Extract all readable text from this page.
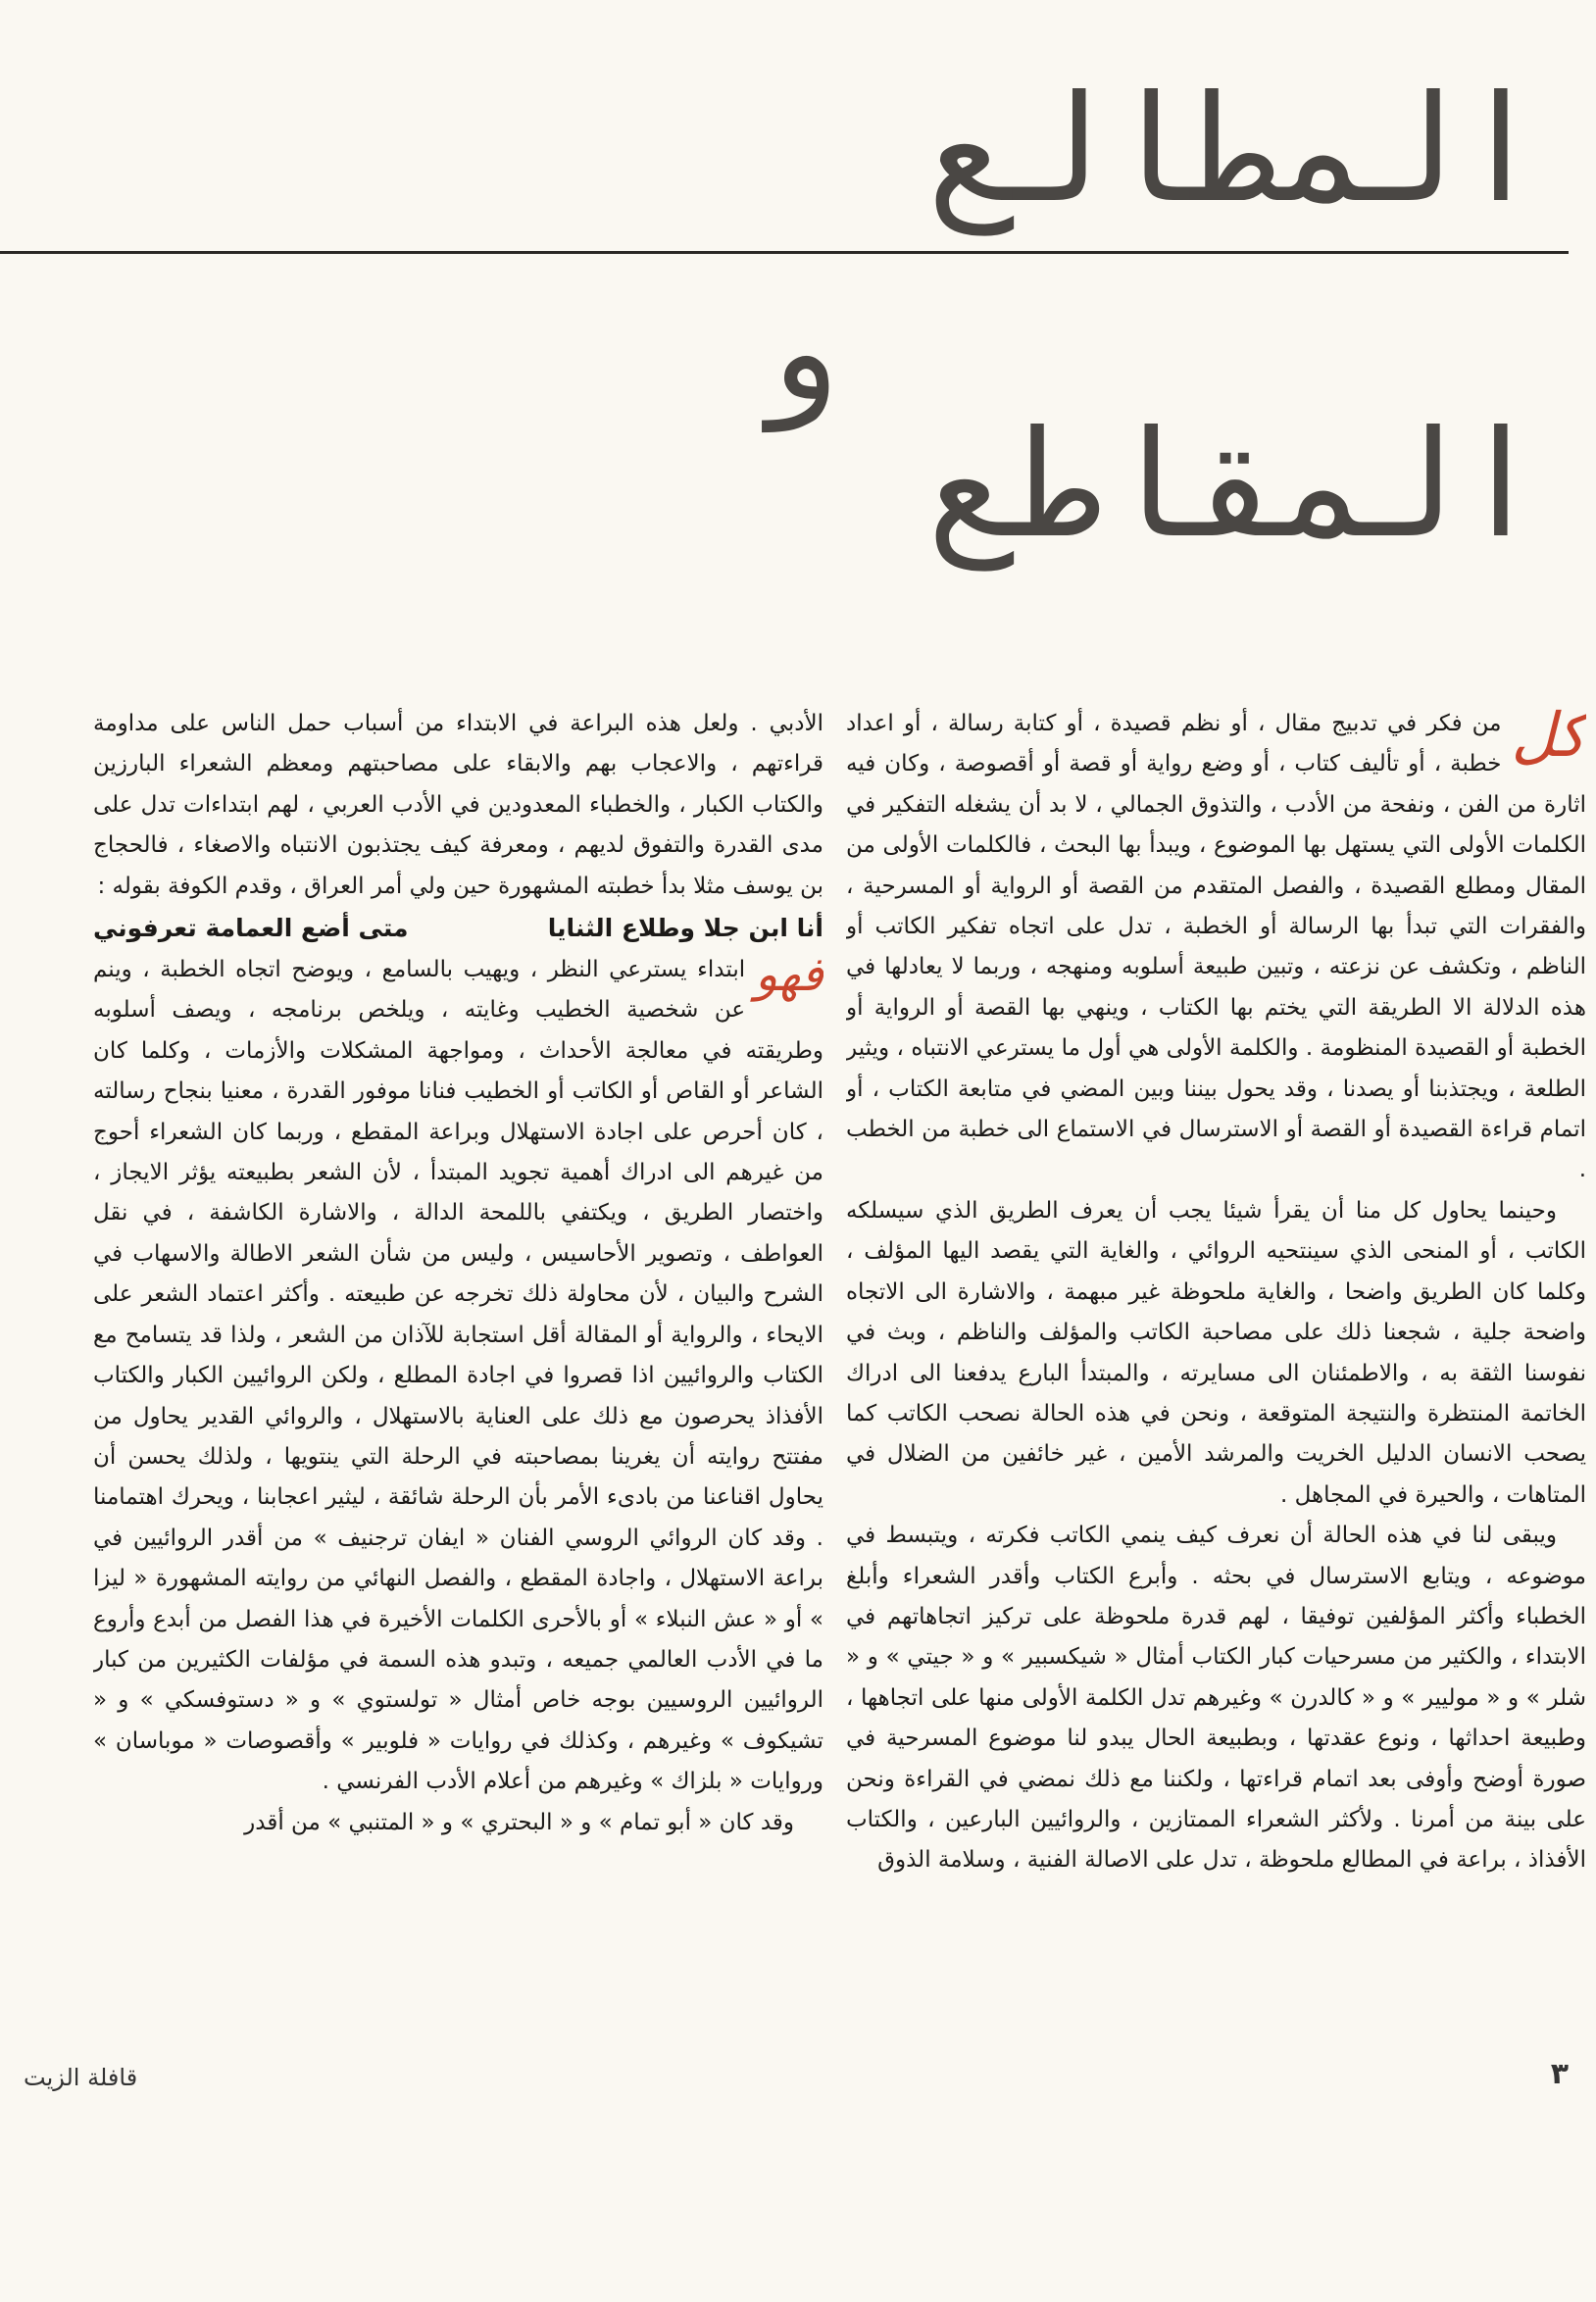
المطالع
و
المقاطع

كل
من فكر في تدبيج مقال ، أو نظم قصيدة ، أو كتابة رسالة ، أو اعداد خطبة ، أو تأليف كتاب ، أو وضع رواية أو قصة أو أقصوصة ، وكان فيه اثارة من الفن ، ونفحة من الأدب ، والتذوق الجمالي ، لا بد أن يشغله التفكير في الكلمات الأولى التي يستهل بها الموضوع ، ويبدأ بها البحث ، فالكلمات الأولى من المقال ومطلع القصيدة ، والفصل المتقدم من القصة أو الرواية أو المسرحية ، والفقرات التي تبدأ بها الرسالة أو الخطبة ، تدل على اتجاه تفكير الكاتب أو الناظم ، وتكشف عن نزعته ، وتبين طبيعة أسلوبه ومنهجه ، وربما لا يعادلها في هذه الدلالة الا الطريقة التي يختم بها الكتاب ، وينهي بها القصة أو الرواية أو الخطبة أو القصيدة المنظومة . والكلمة الأولى هي أول ما يسترعي الانتباه ، ويثير الطلعة ، ويجتذبنا أو يصدنا ، وقد يحول بيننا وبين المضي في متابعة الكتاب ، أو اتمام قراءة القصيدة أو القصة أو الاسترسال في الاستماع الى خطبة من الخطب .

وحينما يحاول كل منا أن يقرأ شيئا يجب أن يعرف الطريق الذي سيسلكه الكاتب ، أو المنحى الذي سينتحيه الروائي ، والغاية التي يقصد اليها المؤلف ، وكلما كان الطريق واضحا ، والغاية ملحوظة غير مبهمة ، والاشارة الى الاتجاه واضحة جلية ، شجعنا ذلك على مصاحبة الكاتب والمؤلف والناظم ، وبث في نفوسنا الثقة به ، والاطمئنان الى مسايرته ، والمبتدأ البارع يدفعنا الى ادراك الخاتمة المنتظرة والنتيجة المتوقعة ، ونحن في هذه الحالة نصحب الكاتب كما يصحب الانسان الدليل الخريت والمرشد الأمين ، غير خائفين من الضلال في المتاهات ، والحيرة في المجاهل .

ويبقى لنا في هذه الحالة أن نعرف كيف ينمي الكاتب فكرته ، ويتبسط في موضوعه ، ويتابع الاسترسال في بحثه . وأبرع الكتاب وأقدر الشعراء وأبلغ الخطباء وأكثر المؤلفين توفيقا ، لهم قدرة ملحوظة على تركيز اتجاهاتهم في الابتداء ، والكثير من مسرحيات كبار الكتاب أمثال « شيكسبير » و « جيتي » و « شلر » و « موليير » و « كالدرن » وغيرهم تدل الكلمة الأولى منها على اتجاهها ، وطبيعة احداثها ، ونوع عقدتها ، وبطبيعة الحال يبدو لنا موضوع المسرحية في صورة أوضح وأوفى بعد اتمام قراءتها ، ولكننا مع ذلك نمضي في القراءة ونحن على بينة من أمرنا . ولأكثر الشعراء الممتازين ، والروائيين البارعين ، والكتاب الأفذاذ ، براعة في المطالع ملحوظة ، تدل على الاصالة الفنية ، وسلامة الذوق

الأدبي . ولعل هذه البراعة في الابتداء من أسباب حمل الناس على مداومة قراءتهم ، والاعجاب بهم والابقاء على مصاحبتهم ومعظم الشعراء البارزين والكتاب الكبار ، والخطباء المعدودين في الأدب العربي ، لهم ابتداءات تدل على مدى القدرة والتفوق لديهم ، ومعرفة كيف يجتذبون الانتباه والاصغاء ، فالحجاج بن يوسف مثلا بدأ خطبته المشهورة حين ولي أمر العراق ، وقدم الكوفة بقوله :

أنا ابن جلا وطلاع الثنايا
متى أضع العمامة تعرفوني

فهو
ابتداء يسترعي النظر ، ويهيب بالسامع ، ويوضح اتجاه الخطبة ، وينم عن شخصية الخطيب وغايته ، ويلخص برنامجه ، ويصف أسلوبه وطريقته في معالجة الأحداث ، ومواجهة المشكلات والأزمات ، وكلما كان الشاعر أو القاص أو الكاتب أو الخطيب فنانا موفور القدرة ، معنيا بنجاح رسالته ، كان أحرص على اجادة الاستهلال وبراعة المقطع ، وربما كان الشعراء أحوج من غيرهم الى ادراك أهمية تجويد المبتدأ ، لأن الشعر بطبيعته يؤثر الايجاز ، واختصار الطريق ، ويكتفي باللمحة الدالة ، والاشارة الكاشفة ، في نقل العواطف ، وتصوير الأحاسيس ، وليس من شأن الشعر الاطالة والاسهاب في الشرح والبيان ، لأن محاولة ذلك تخرجه عن طبيعته . وأكثر اعتماد الشعر على الايحاء ، والرواية أو المقالة أقل استجابة للآذان من الشعر ، ولذا قد يتسامح مع الكتاب والروائيين اذا قصروا في اجادة المطلع ، ولكن الروائيين الكبار والكتاب الأفذاذ يحرصون مع ذلك على العناية بالاستهلال ، والروائي القدير يحاول من مفتتح روايته أن يغرينا بمصاحبته في الرحلة التي ينتويها ، ولذلك يحسن أن يحاول اقناعنا من بادىء الأمر بأن الرحلة شائقة ، ليثير اعجابنا ، ويحرك اهتمامنا . وقد كان الروائي الروسي الفنان « ايفان ترجنيف » من أقدر الروائيين في براعة الاستهلال ، واجادة المقطع ، والفصل النهائي من روايته المشهورة « ليزا » أو « عش النبلاء » أو بالأحرى الكلمات الأخيرة في هذا الفصل من أبدع وأروع ما في الأدب العالمي جميعه ، وتبدو هذه السمة في مؤلفات الكثيرين من كبار الروائيين الروسيين بوجه خاص أمثال « تولستوي » و « دستوفسكي » و « تشيكوف » وغيرهم ، وكذلك في روايات « فلوبير » وأقصوصات « موباسان » وروايات « بلزاك » وغيرهم من أعلام الأدب الفرنسي .

وقد كان « أبو تمام » و « البحتري » و « المتنبي » من أقدر

٣
قافلة الزيت
